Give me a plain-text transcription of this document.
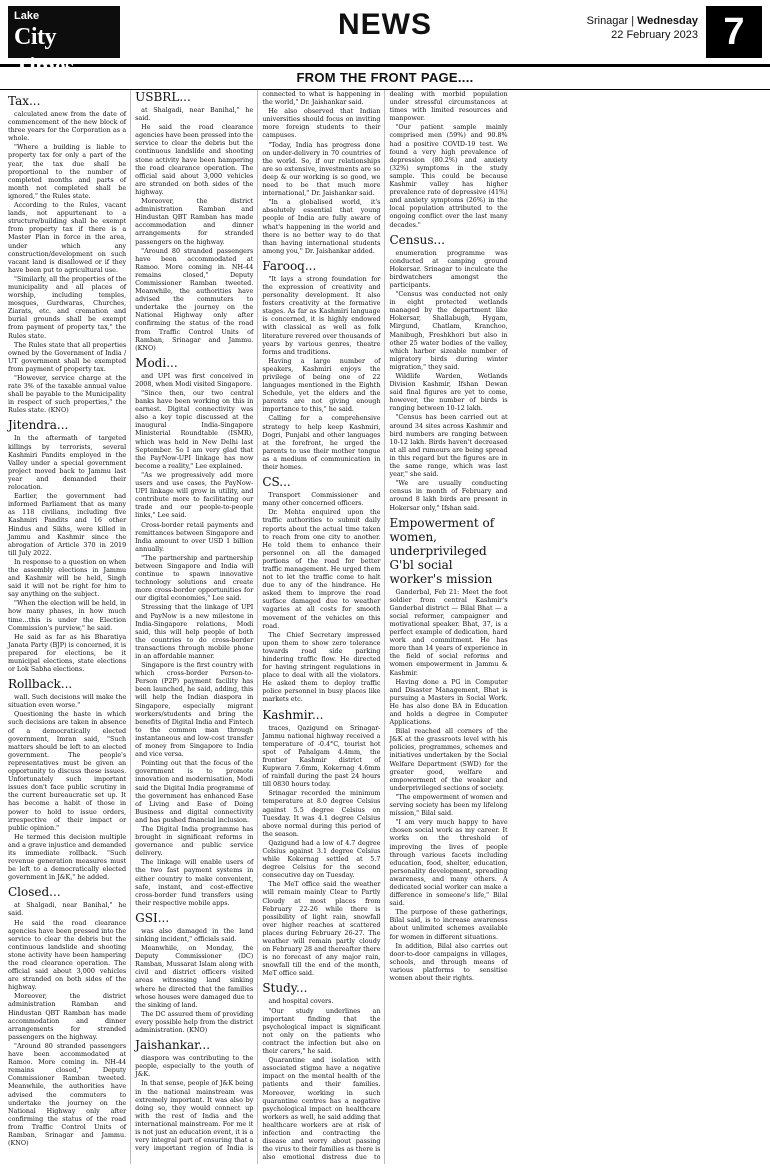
Lake
City Times
NEWS	Srinagar | Wednesday
22 February 2023 7
FROM THE FRONT PAGE....
Tax...

calculated anew from the date of commencement of the new block of three years for the Corporation as a whole.

"Where a building is liable to property tax for only a part of the year, the tax due shall be proportional to the number of completed months and parts of month not completed shall be ignored," the Rules state.

According to the Rules, vacant lands, not appurtenant to a structure/building shall be exempt from property tax if there is a Master Plan in force in the area, under which any construction/development on such vacant land is disallowed or if they have been put to agricultural use.

"Similarly, all the properties of the municipality and all places of worship, including temples, mosques, Gurdwaras, Churches, Ziarats, etc. and cremation and burial grounds shall be exempt from payment of property tax," the Rules state.

The Rules state that all properties owned by the Government of India / UT government shall be exempted from payment of property tax.

"However, service charge at the rate 3% of the taxable annual value shall be payable to the Municipality in respect of such properties," the Rules state. (KNO)

Jitendra...

In the aftermath of targeted killings by terrorists, several Kashmiri Pandits employed in the Valley under a special government project moved back to Jammu last year and demanded their relocation.

Earlier, the government had informed Parliament that as many as 118 civilians, including five Kashmiri Pandits and 16 other Hindus and Sikhs, were killed in Jammu and Kashmir since the abrogation of Article 370 in 2019 till July 2022.

In response to a question on when the assembly elections in Jammu and Kashmir will be held, Singh said it will not be right for him to say anything on the subject.

"When the election will be held, in how many phases, in how much time...this is under the Election Commission's purview," he said.

He said as far as his Bharatiya Janata Party (BJP) is concerned, it is prepared for elections, be it municipal elections, state elections or Lok Sabha elections.

Rollback...

wall. Such decisions will make the situation even worse."

Questioning the haste in which such decisions are taken in absence of a democratically elected government, Imran said, "Such matters should be left to an elected government. The people's representatives must be given an opportunity to discuss these issues. Unfortunately such important issues don't face public scrutiny in the current bureaucratic set up. It has become a habit of those in power to hold to issue orders, irrespective of their impact or public opinion."

He termed this decision multiple and a grave injustice and demanded its immediate rollback. "Such revenue generation measures must be left to a democratically elected government in J&K," he added.

Closed...

at Shalgadi, near Banihal," he said.

He said the road clearance agencies have been pressed into the service to clear the debris but the continuous landslide and shooting stone activity have been hampering the road clearance operation. The official said about 3,000 vehicles are stranded on both sides of the highway.

Moreover, the district administration Ramban and Hindustan QBT Ramban has made accommodation and dinner arrangements for stranded passengers on the highway.

"Around 80 stranded passengers have been accommodated at Ramoo. More coming in. NH-44 remains closed," Deputy Commissioner Ramban tweeted. Meanwhile, the authorities have advised the commuters to undertake the journey on the National Highway only after confirming the status of the road from Traffic Control Units of Ramban, Srinagar and Jammu. (KNO)

USBRL...

at Shalgadi, near Banihal," he said.

He said the road clearance agencies have been pressed into the service to clear the debris but the continuous landslide and shooting stone activity have been hampering the road clearance operation. The official said about 3,000 vehicles are stranded on both sides of the highway.

Moreover, the district administration Ramban and Hindustan QBT Ramban has made accommodation and dinner arrangements for stranded passengers on the highway.

"Around 80 stranded passengers have been accommodated at Ramoo. More coming in. NH-44 remains closed," Deputy Commissioner Ramban tweeted. Meanwhile, the authorities have advised the commuters to undertake the journey on the National Highway only after confirming the status of the road from Traffic Control Units of Ramban, Srinagar and Jammu. (KNO)

Modi...

and UPI was first conceived in 2008, when Modi visited Singapore.

"Since then, our two central banks have been working on this in earnest. Digital connectivity was also a key topic discussed at the inaugural India-Singapore Ministerial Roundtable (ISMR), which was held in New Delhi last September. So I am very glad that the PayNow-UPI linkage has now become a reality," Lee explained.

"As we progressively add more users and use cases, the PayNow-UPI linkage will grow in utility, and contribute more to facilitating our trade and our people-to-people links," Lee said.

Cross-border retail payments and remittances between Singapore and India amount to over USD 1 billion annually.

"The partnership and partnership between Singapore and India will continue to spawn innovative technology solutions and create more cross-border opportunities for our digital economies," Lee said.

Stressing that the linkage of UPI and PayNow is a new milestone in India-Singapore relations, Modi said, this will help people of both the countries to do cross-border transactions through mobile phone in an affordable manner.

Singapore is the first country with which cross-border Person-to-Person (P2P) payment facility has been launched, he said, adding, this will help the Indian diaspora in Singapore, especially migrant workers/students and bring the benefits of Digital India and Fintech to the common man through instantaneous and low-cost transfer of money from Singapore to India and vice versa.

Pointing out that the focus of the government is to promote innovation and modernisation, Modi said the Digital India programme of the government has enhanced Ease of Living and Ease of Doing Business and digital connectivity and has pushed financial inclusion.

The Digital India programme has brought in significant reforms in governance and public service delivery.

The linkage will enable users of the two fast payment systems in either country to make convenient, safe, instant, and cost-effective cross-border fund transfers using their respective mobile apps.

GSI...

was also damaged in the land sinking incident," officials said.

Meanwhile, on Monday, the Deputy Commissioner (DC) Ramban, Mussarat Islam along with civil and district officers visited areas witnessing land sinking where he directed that the families whose houses were damaged due to the sinking of land.

The DC assured them of providing every possible help from the district administration. (KNO)

Jaishankar...

diaspora was contributing to the people, especially to the youth of J&K.

In that sense, people of J&K being in the national mainstream was extremely important. It was also by doing so, they would connect up with the rest of India and the international mainstream. For me it is not just an education event, it is a very integral part of ensuring that a very important region of India is connected to what is happening in the world," Dr. Jaishankar said.

He also observed that Indian universities should focus on inviting more foreign students to their campuses.

"Today, India has progress done on under-delivery in 70 countries of the world. So, if our relationships are so extensive, investments are so deep & our working is so good, we need to be that much more international," Dr. Jaishankar said.

"In a globalised world, it's absolutely essential that young people of India are fully aware of what's happening in the world and there is no better way to do that than having international students among you," Dr. Jaishankar added.

Farooq...

"It lays a strong foundation for the expression of creativity and personality development. It also fosters creativity at the formative stages. As far as Kashmiri language is concerned, it is highly endowed with classical as well as folk literature revered over thousands of years by various genres, theatre forms and traditions.

Having a large number of speakers, Kashmiri enjoys the privilege of being one of 22 languages mentioned in the Eighth Schedule, yet the elders and the parents are not giving enough importance to this," he said.

Calling for a comprehensive strategy to help keep Kashmiri, Dogri, Punjabi and other languages at the forefront, he urged the parents to use their mother tongue as a medium of communication in their homes.

CS...

Transport Commissioner and many other concerned officers.

Dr. Mehta enquired upon the traffic authorities to submit daily reports about the actual time taken to reach from one city to another. He told them to enhance their personnel on all the damaged portions of the road for better traffic management. He urged them not to let the traffic come to halt due to any of the hindrance. He asked them to improve the road surface damaged due to weather vagaries at all costs for smooth movement of the vehicles on this road.

The Chief Secretary impressed upon them to show zero tolerance towards road side parking hindering traffic flow. He directed for having stringent regulations in place to deal with all the violators. He asked them to deploy traffic police personnel in busy places like markets etc.

Kashmir...

traces, Qazigund on Srinagar-Jammu national highway received a temperature of -0.4°C, tourist hot spot of Pahalgam 4.4mm, the frontier Kashmir district of Kupwara 7.6mm, Kokernag 4.6mm of rainfall during the past 24 hours till 0830 hours today.

Srinagar recorded the minimum temperature at 8.0 degree Celsius against 5.5 degree Celsius on Tuesday. It was 4.1 degree Celsius above normal during this period of the season.

Qazigund had a low of 4.7 degree Celsius against 3.1 degree Celsius while Kokernag settled at 5.7 degree Celsius for the second consecutive day on Tuesday.

The MeT office said the weather will remain mainly Clear to Partly Cloudy at most places from February 22-26 while there is possibility of light rain, snowfall over higher reaches at scattered places during February 26-27. The weather will remain partly cloudy on February 28 and thereafter there is no forecast of any major rain, snowfall till the end of the month, MeT office said.

Study...

and hospital covers.

"Our study underlines an important finding that the psychological impact is significant not only on the patients who contract the infection but also on their carers," he said.

Quarantine and isolation with associated stigma have a negative impact on the mental health of the patients and their families. Moreover, working in such quarantine centres has a negative psychological impact on healthcare workers as well, he said adding that healthcare workers are at risk of infection and contracting the disease and worry about passing the virus to their families as there is also emotional distress due to dealing with morbid population under stressful circumstances at times with limited resources and manpower.

"Our patient sample mainly comprised men (59%) and 90.8% had a positive COVID-19 test. We found a very high prevalence of depression (80.2%) and anxiety (32%) symptoms in the study sample. This could be because Kashmir valley has higher prevalence rate of depressive (41%) and anxiety symptoms (26%) in the local population attributed to the ongoing conflict over the last many decades."

Census...

enumeration programme was conducted at camping ground Hokersar. Srinagar to inculcate the birdwatchers amongst the participants.

"Census was conducted not only in eight protected wetlands managed by the department like Hokersar, Shallabugh, Hygam, Mirgund, Chatlam, Kranchoo, Manibugh, Freshkhori but also in other 25 water bodies of the valley, which harbor sizeable number of migratory birds during winter migration," they said.

Wildlife Warden, Wetlands Division Kashmir, Ifshan Dewan said final figures are yet to come, however, the number of birds is ranging between 10-12 lakh.

"Census has been carried out at around 34 sites across Kashmir and bird numbers are ranging between 10-12 lakh. Birds haven't decreased at all and rumours are being spread in this regard but the figures are in the same range, which was last year," she said.

"We are usually conducting census in month of February and around 8 lakh birds are present in Hokersar only," Ifshan said.

Empowerment of women, underprivileged G'bl social worker's mission

Ganderbal, Feb 21: Meet the foot soldier from central Kashmir's Ganderbal district — Bilal Bhat — a social reformer, campaigner and motivational speaker. Bhat, 37, is a perfect example of dedication, hard work and commitment. He has more than 14 years of experience in the field of social reforms and women empowerment in Jammu & Kashmir.

Having done a PG in Computer and Disaster Management, Bhat is pursuing a Masters in Social Work. He has also done BA in Education and holds a degree in Computer Applications.

Bilal reached all corners of the J&K at the grassroots level with his policies, programmes, schemes and initiatives undertaken by the Social Welfare Department (SWD) for the greater good, welfare and empowerment of the weaker and underprivileged sections of society.

"The empowerment of women and serving society has been my lifelong mission," Bilal said.

"I am very much happy to have chosen social work as my career. It works on the threshold of improving the lives of people through various facets including education, food, shelter, education, personality development, spreading awareness, and many others. A dedicated social worker can make a difference in someone's life," Bilal said.

The purpose of these gatherings, Bilal said, is to increase awareness about unlimited schemes available for women in different situations.

In addition, Bilal also carries out door-to-door campaigns in villages, schools, and through means of various platforms to sensitise women about their rights.
